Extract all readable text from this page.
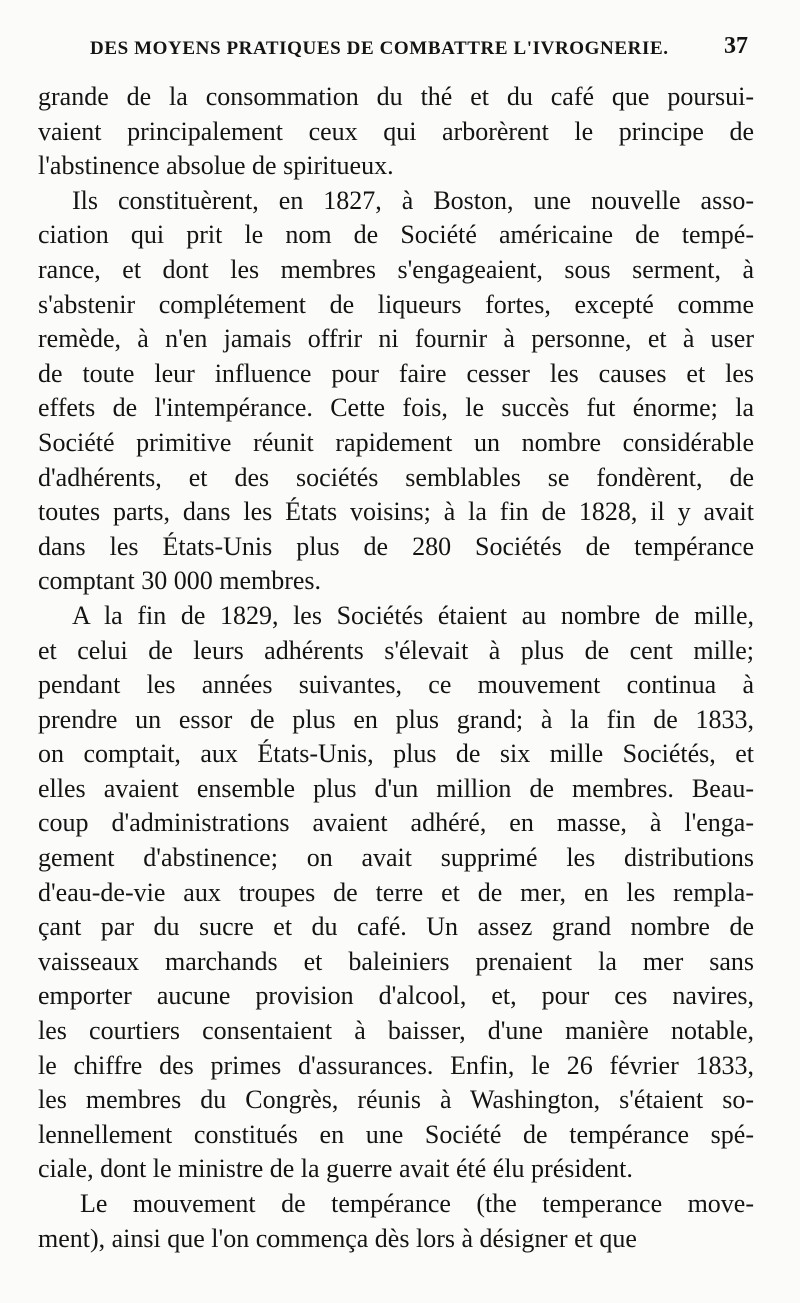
DES MOYENS PRATIQUES DE COMBATTRE L'IVROGNERIE. 37
grande de la consommation du thé et du café que poursui-
vaient principalement ceux qui arborèrent le principe de
l'abstinence absolue de spiritueux.
Ils constituèrent, en 1827, à Boston, une nouvelle asso-
ciation qui prit le nom de Société américaine de tempé-
rance, et dont les membres s'engageaient, sous serment, à
s'abstenir complétement de liqueurs fortes, excepté comme
remède, à n'en jamais offrir ni fournir à personne, et à user
de toute leur influence pour faire cesser les causes et les
effets de l'intempérance. Cette fois, le succès fut énorme; la
Société primitive réunit rapidement un nombre considérable
d'adhérents, et des sociétés semblables se fondèrent, de
toutes parts, dans les États voisins; à la fin de 1828, il y avait
dans les États-Unis plus de 280 Sociétés de tempérance
comptant 30 000 membres.
A la fin de 1829, les Sociétés étaient au nombre de mille,
et celui de leurs adhérents s'élevait à plus de cent mille;
pendant les années suivantes, ce mouvement continua à
prendre un essor de plus en plus grand; à la fin de 1833,
on comptait, aux États-Unis, plus de six mille Sociétés, et
elles avaient ensemble plus d'un million de membres. Beau-
coup d'administrations avaient adhéré, en masse, à l'enga-
gement d'abstinence; on avait supprimé les distributions
d'eau-de-vie aux troupes de terre et de mer, en les rempla-
çant par du sucre et du café. Un assez grand nombre de
vaisseaux marchands et baleiniers prenaient la mer sans
emporter aucune provision d'alcool, et, pour ces navires,
les courtiers consentaient à baisser, d'une manière notable,
le chiffre des primes d'assurances. Enfin, le 26 février 1833,
les membres du Congrès, réunis à Washington, s'étaient so-
lennellement constitués en une Société de tempérance spé-
ciale, dont le ministre de la guerre avait été élu président.
Le mouvement de tempérance (the temperance move-
ment), ainsi que l'on commença dès lors à désigner et que
